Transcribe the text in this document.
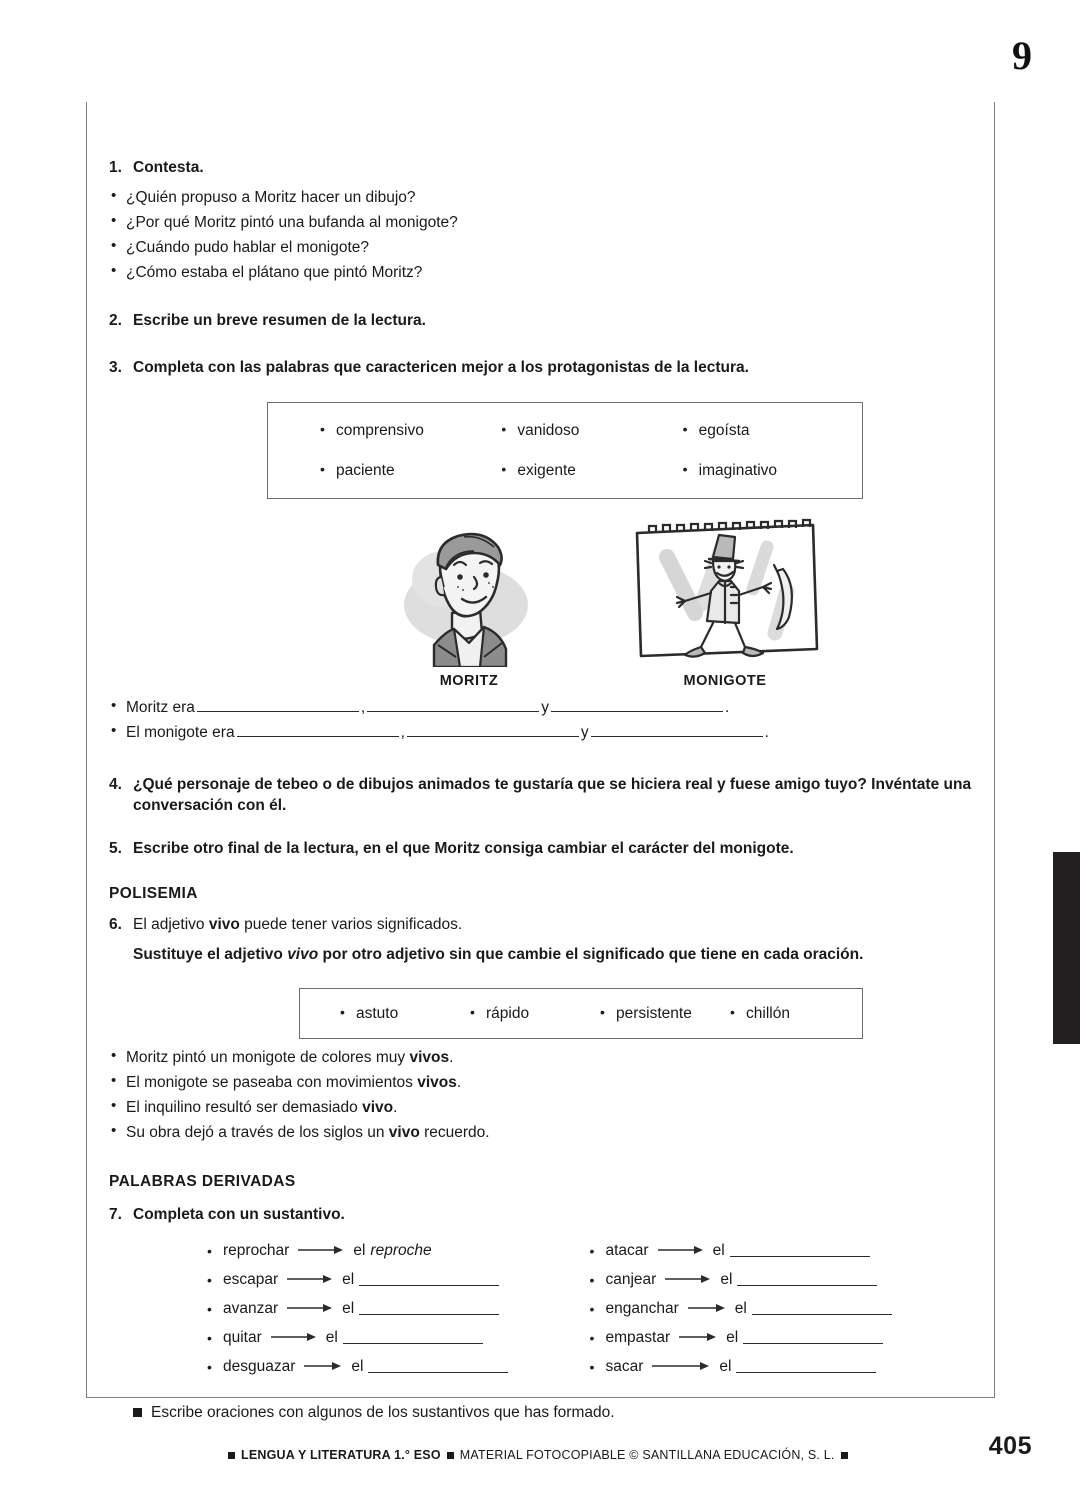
9
1. Contesta.
• ¿Quién propuso a Moritz hacer un dibujo?
• ¿Por qué Moritz pintó una bufanda al monigote?
• ¿Cuándo pudo hablar el monigote?
• ¿Cómo estaba el plátano que pintó Moritz?
2. Escribe un breve resumen de la lectura.
3. Completa con las palabras que caractericen mejor a los protagonistas de la lectura.
• comprensivo
• paciente
• vanidoso
• exigente
• egoísta
• imaginativo
MORITZ	MONIGOTE
• Moritz era	,	y	.
• El monigote era	,	y	.
4. ¿Qué personaje de tebeo o de dibujos animados te gustaría que se hiciera real y fuese amigo tuyo? Invéntate una conversación con él.
5. Escribe otro final de la lectura, en el que Moritz consiga cambiar el carácter del monigote.
POLISEMIA
6. El adjetivo vivo puede tener varios significados.
Sustituye el adjetivo vivo por otro adjetivo sin que cambie el significado que tiene en cada oración.
• astuto	• rápido	• persistente	• chillón
• Moritz pintó un monigote de colores muy vivos.
• El monigote se paseaba con movimientos vivos.
• El inquilino resultó ser demasiado vivo.
• Su obra dejó a través de los siglos un vivo recuerdo.
PALABRAS DERIVADAS
7. Completa con un sustantivo.
• reprochar	el reproche
• escapar	el
• avanzar	el
• quitar	el
• desguazar	el
• atacar	el
• canjear	el
• enganchar	el
• empastar	el
• sacar	el
Escribe oraciones con algunos de los sustantivos que has formado.
COMPRENSIÓN LECTORA
LENGUA Y LITERATURA 1.° ESO MATERIAL FOTOCOPIABLE © SANTILLANA EDUCACIÓN, S. L.	405
